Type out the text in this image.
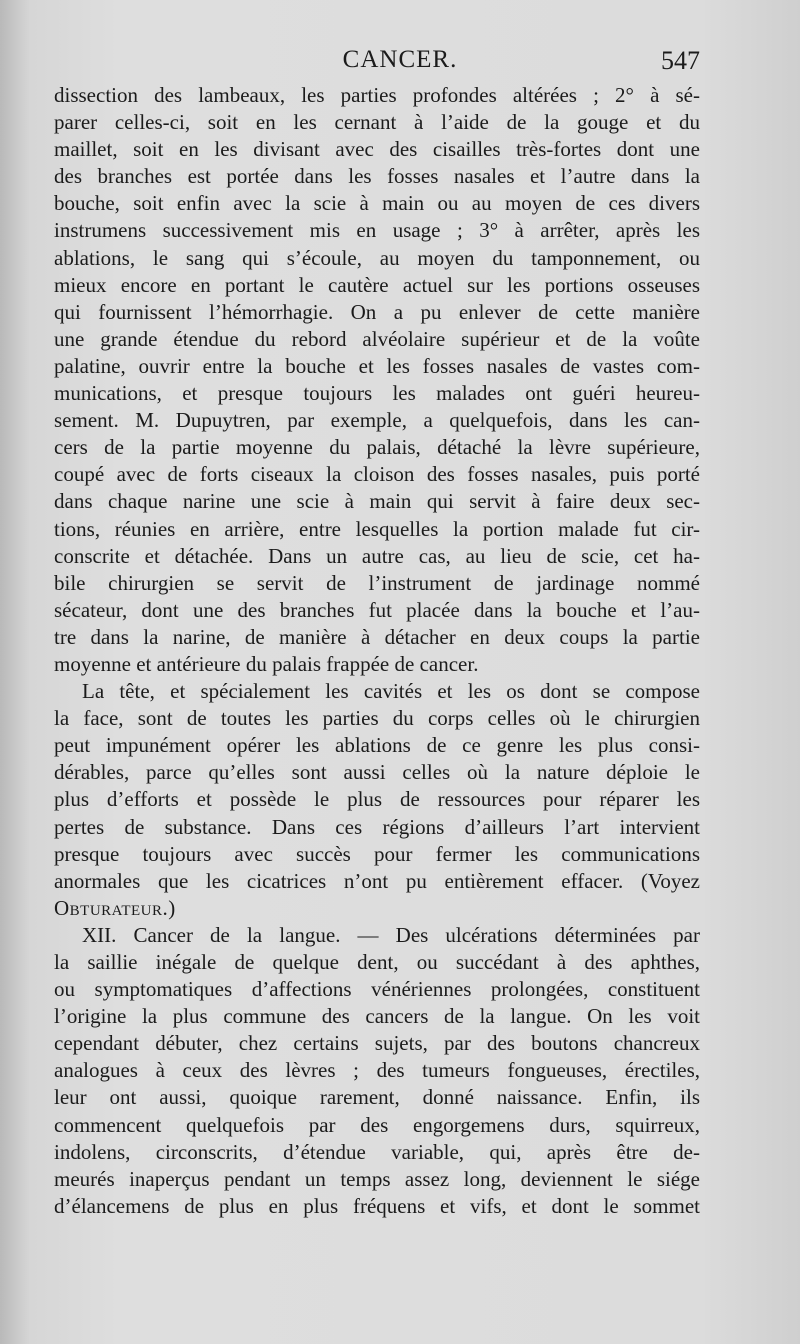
CANCER.	547
dissection des lambeaux, les parties profondes altérées ; 2° à sé-
parer celles-ci, soit en les cernant à l’aide de la gouge et du
maillet, soit en les divisant avec des cisailles très-fortes dont une
des branches est portée dans les fosses nasales et l’autre dans la
bouche, soit enfin avec la scie à main ou au moyen de ces divers
instrumens successivement mis en usage ; 3° à arrêter, après les
ablations, le sang qui s’écoule, au moyen du tamponnement, ou
mieux encore en portant le cautère actuel sur les portions osseuses
qui fournissent l’hémorrhagie. On a pu enlever de cette manière
une grande étendue du rebord alvéolaire supérieur et de la voûte
palatine, ouvrir entre la bouche et les fosses nasales de vastes com-
munications, et presque toujours les malades ont guéri heureu-
sement. M. Dupuytren, par exemple, a quelquefois, dans les can-
cers de la partie moyenne du palais, détaché la lèvre supérieure,
coupé avec de forts ciseaux la cloison des fosses nasales, puis porté
dans chaque narine une scie à main qui servit à faire deux sec-
tions, réunies en arrière, entre lesquelles la portion malade fut cir-
conscrite et détachée. Dans un autre cas, au lieu de scie, cet ha-
bile chirurgien se servit de l’instrument de jardinage nommé
sécateur, dont une des branches fut placée dans la bouche et l’au-
tre dans la narine, de manière à détacher en deux coups la partie
moyenne et antérieure du palais frappée de cancer.
La tête, et spécialement les cavités et les os dont se compose
la face, sont de toutes les parties du corps celles où le chirurgien
peut impunément opérer les ablations de ce genre les plus consi-
dérables, parce qu’elles sont aussi celles où la nature déploie le
plus d’efforts et possède le plus de ressources pour réparer les
pertes de substance. Dans ces régions d’ailleurs l’art intervient
presque toujours avec succès pour fermer les communications
anormales que les cicatrices n’ont pu entièrement effacer. (Voyez
Obturateur.)
XII. Cancer de la langue. — Des ulcérations déterminées par
la saillie inégale de quelque dent, ou succédant à des aphthes,
ou symptomatiques d’affections vénériennes prolongées, constituent
l’origine la plus commune des cancers de la langue. On les voit
cependant débuter, chez certains sujets, par des boutons chancreux
analogues à ceux des lèvres ; des tumeurs fongueuses, érectiles,
leur ont aussi, quoique rarement, donné naissance. Enfin, ils
commencent quelquefois par des engorgemens durs, squirreux,
indolens, circonscrits, d’étendue variable, qui, après être de-
meurés inaperçus pendant un temps assez long, deviennent le siége
d’élancemens de plus en plus fréquens et vifs, et dont le sommet
